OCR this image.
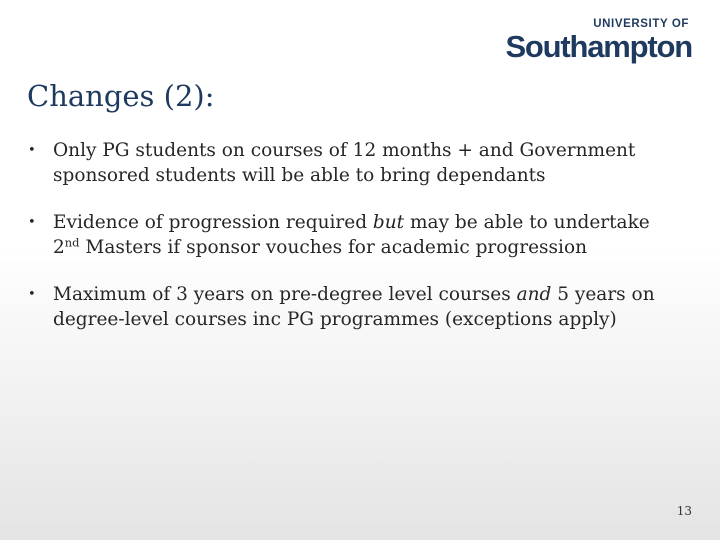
UNIVERSITY OF
Southampton
Changes (2):
• Only PG students on courses of 12 months + and Government sponsored students will be able to bring dependants
• Evidence of progression required but may be able to undertake 2nd Masters if sponsor vouches for academic progression
• Maximum of 3 years on pre-degree level courses and 5 years on degree-level courses inc PG programmes (exceptions apply)
13
